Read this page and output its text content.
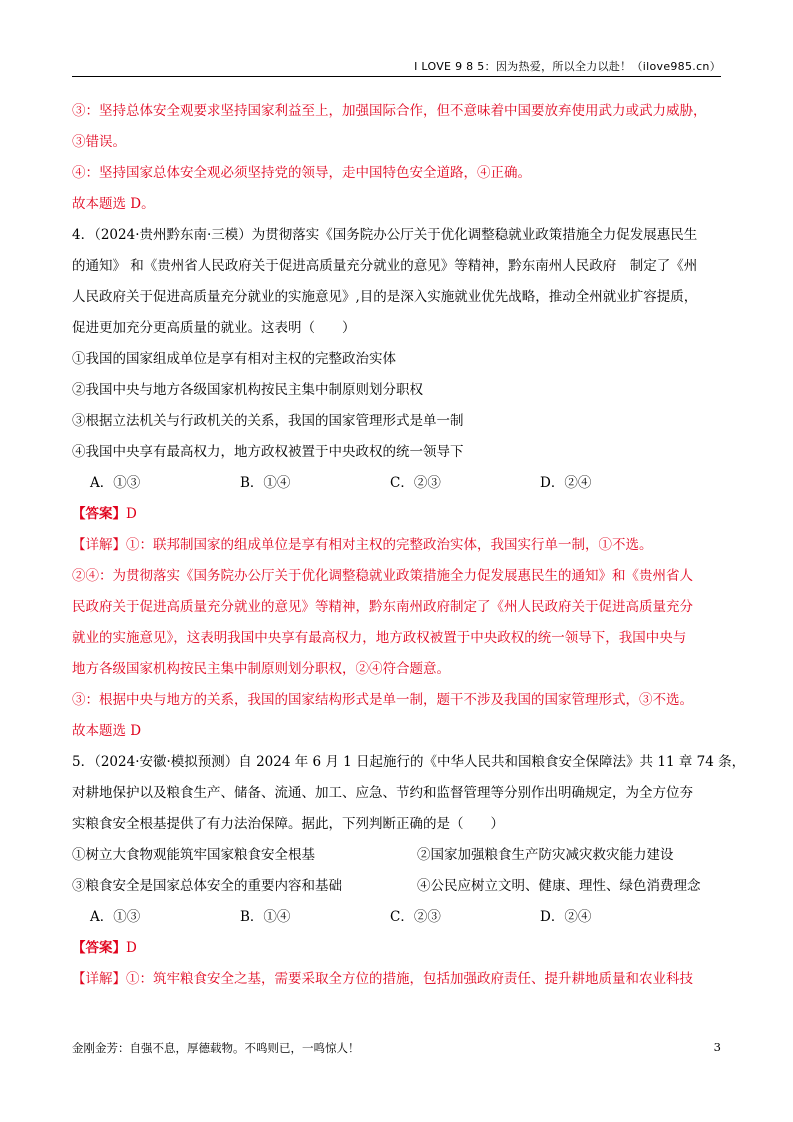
I LOVE 9 8 5：因为热爱，所以全力以赴！（ilove985.cn）
③：坚持总体安全观要求坚持国家利益至上，加强国际合作，但不意味着中国要放弃使用武力或武力威胁，
③错误。
④：坚持国家总体安全观必须坚持党的领导，走中国特色安全道路，④正确。
故本题选 D。
4．（2024·贵州黔东南·三模）为贯彻落实《国务院办公厅关于优化调整稳就业政策措施全力促发展惠民生
的通知》 和《贵州省人民政府关于促进高质量充分就业的意见》等精神，黔东南州人民政府　制定了《州
人民政府关于促进高质量充分就业的实施意见》,目的是深入实施就业优先战略，推动全州就业扩容提质，
促进更加充分更高质量的就业。这表明（　　）
①我国的国家组成单位是享有相对主权的完整政治实体
②我国中央与地方各级国家机构按民主集中制原则划分职权
③根据立法机关与行政机关的关系，我国的国家管理形式是单一制
④我国中央享有最高权力，地方政权被置于中央政权的统一领导下
A．①③	B．①④	C．②③	D．②④
【答案】D
【详解】①：联邦制国家的组成单位是享有相对主权的完整政治实体，我国实行单一制，①不选。
②④：为贯彻落实《国务院办公厅关于优化调整稳就业政策措施全力促发展惠民生的通知》和《贵州省人
民政府关于促进高质量充分就业的意见》等精神，黔东南州政府制定了《州人民政府关于促进高质量充分
就业的实施意见》，这表明我国中央享有最高权力，地方政权被置于中央政权的统一领导下，我国中央与
地方各级国家机构按民主集中制原则划分职权，②④符合题意。
③：根据中央与地方的关系，我国的国家结构形式是单一制，题干不涉及我国的国家管理形式，③不选。
故本题选 D
5．（2024·安徽·模拟预测）自 2024 年 6 月 1 日起施行的《中华人民共和国粮食安全保障法》共 11 章 74 条，
对耕地保护以及粮食生产、储备、流通、加工、应急、节约和监督管理等分别作出明确规定，为全方位夯
实粮食安全根基提供了有力法治保障。据此，下列判断正确的是（　　）
①树立大食物观能筑牢国家粮食安全根基	②国家加强粮食生产防灾减灾救灾能力建设
③粮食安全是国家总体安全的重要内容和基础	④公民应树立文明、健康、理性、绿色消费理念
A．①③	B．①④	C．②③	D．②④
【答案】D
【详解】①：筑牢粮食安全之基，需要采取全方位的措施，包括加强政府责任、提升耕地质量和农业科技
金刚金芳：自强不息，厚德载物。不鸣则已，一鸣惊人！	3
